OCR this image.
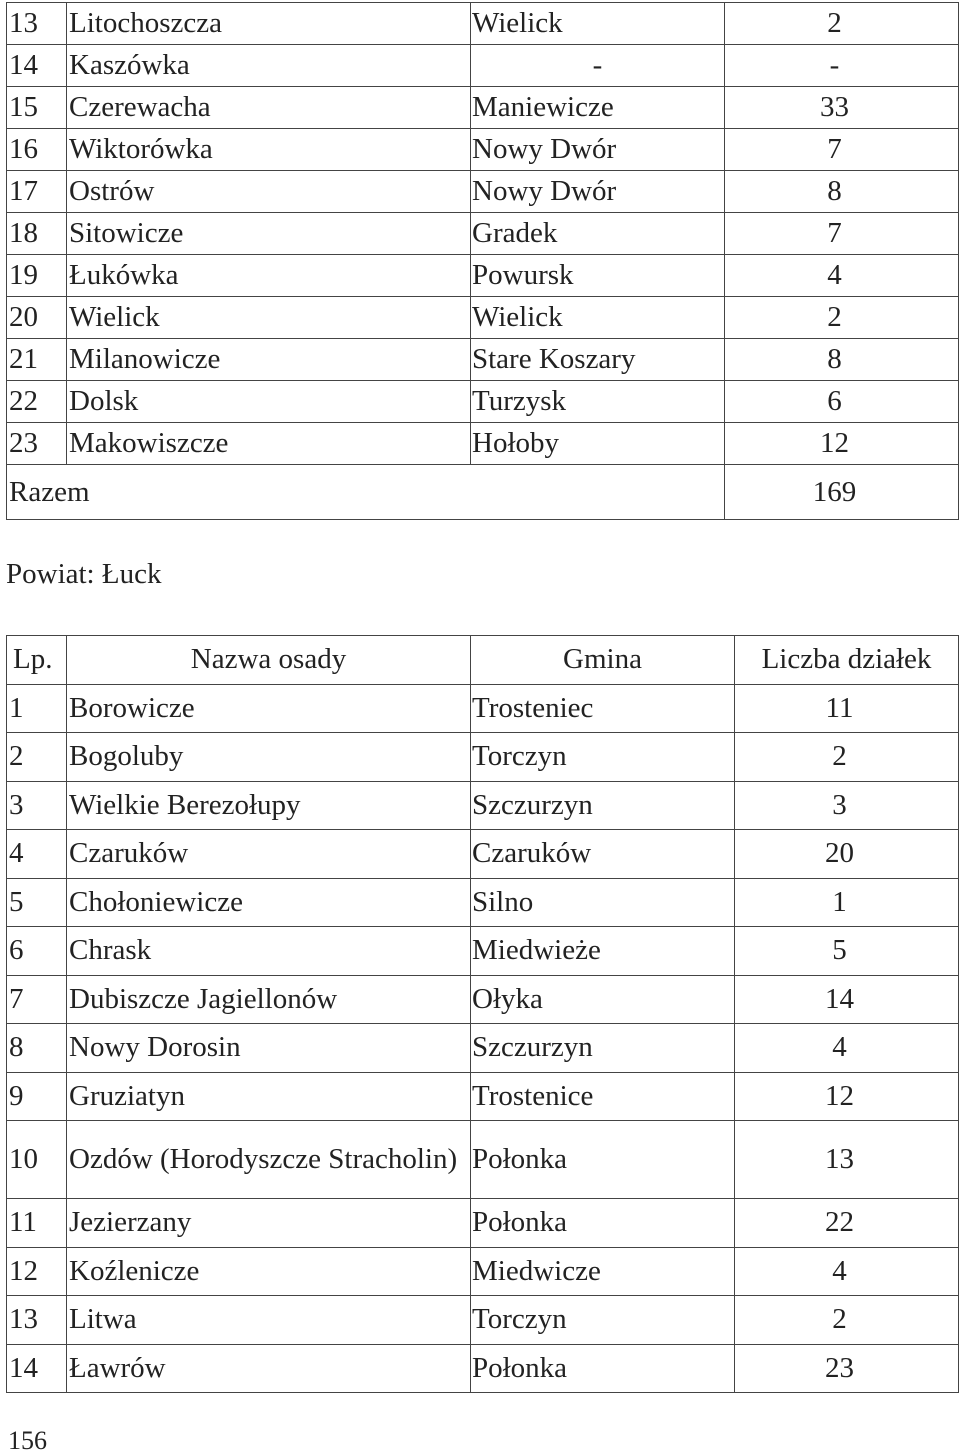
13	Litochoszcza	Wielick	2
14	Kaszówka	-	-
15	Czerewacha	Maniewicze	33
16	Wiktorówka	Nowy Dwór	7
17	Ostrów	Nowy Dwór	8
18	Sitowicze	Gradek	7
19	Łukówka	Powursk	4
20	Wielick	Wielick	2
21	Milanowicze	Stare Koszary	8
22	Dolsk	Turzysk	6
23	Makowiszcze	Hołoby	12
Razem			169
Powiat: Łuck
Lp.	Nazwa osady	Gmina	Liczba działek
1	Borowicze	Trosteniec	11
2	Bogoluby	Torczyn	2
3	Wielkie Berezołupy	Szczurzyn	3
4	Czaruków	Czaruków	20
5	Chołoniewicze	Silno	1
6	Chrask	Miedwieże	5
7	Dubiszcze Jagiellonów	Ołyka	14
8	Nowy Dorosin	Szczurzyn	4
9	Gruziatyn	Trostenice	12
10	Ozdów (Horodyszcze Stracholin)	Połonka	13
11	Jezierzany	Połonka	22
12	Koźlenicze	Miedwicze	4
13	Litwa	Torczyn	2
14	Ławrów	Połonka	23
156
